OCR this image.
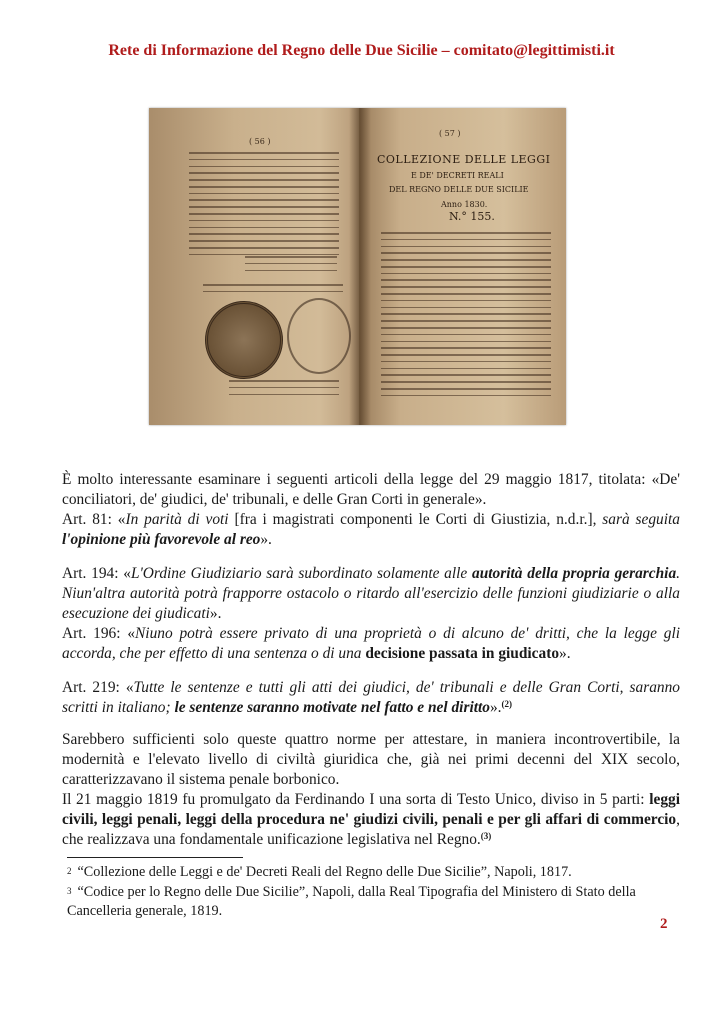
Rete di Informazione del Regno delle Due Sicilie – comitato@legittimisti.it
( 56 )
( 57 )
COLLEZIONE DELLE LEGGI
E DE' DECRETI REALI
DEL REGNO DELLE DUE SICILIE
Anno 1830.
N.° 155.

È molto interessante esaminare i seguenti articoli della legge del 29 maggio 1817, titolata: «De' conciliatori, de' giudici, de' tribunali, e delle Gran Corti in generale».

Art. 81: «In parità di voti [fra i magistrati componenti le Corti di Giustizia, n.d.r.], sarà seguita l'opinione più favorevole al reo».

Art. 194: «L'Ordine Giudiziario sarà subordinato solamente alle autorità della propria gerarchia. Niun'altra autorità potrà frapporre ostacolo o ritardo all'esercizio delle funzioni giudiziarie o alla esecuzione dei giudicati».

Art. 196: «Niuno potrà essere privato di una proprietà o di alcuno de' dritti, che la legge gli accorda, che per effetto di una sentenza o di una decisione passata in giudicato».

Art. 219: «Tutte le sentenze e tutti gli atti dei giudici, de' tribunali e delle Gran Corti, saranno scritti in italiano; le sentenze saranno motivate nel fatto e nel diritto».$^{(2)}$

Sarebbero sufficienti solo queste quattro norme per attestare, in maniera incontrovertibile, la modernità e l'elevato livello di civiltà giuridica che, già nei primi decenni del XIX secolo, caratterizzavano il sistema penale borbonico.

Il 21 maggio 1819 fu promulgato da Ferdinando I una sorta di Testo Unico, diviso in 5 parti: leggi civili, leggi penali, leggi della procedura ne' giudizi civili, penali e per gli affari di commercio, che realizzava una fondamentale unificazione legislativa nel Regno.$^{(3)}$

2 “Collezione delle Leggi e de' Decreti Reali del Regno delle Due Sicilie”, Napoli, 1817.

3 “Codice per lo Regno delle Due Sicilie”, Napoli, dalla Real Tipografia del Ministero di Stato della Cancelleria generale, 1819.

2
